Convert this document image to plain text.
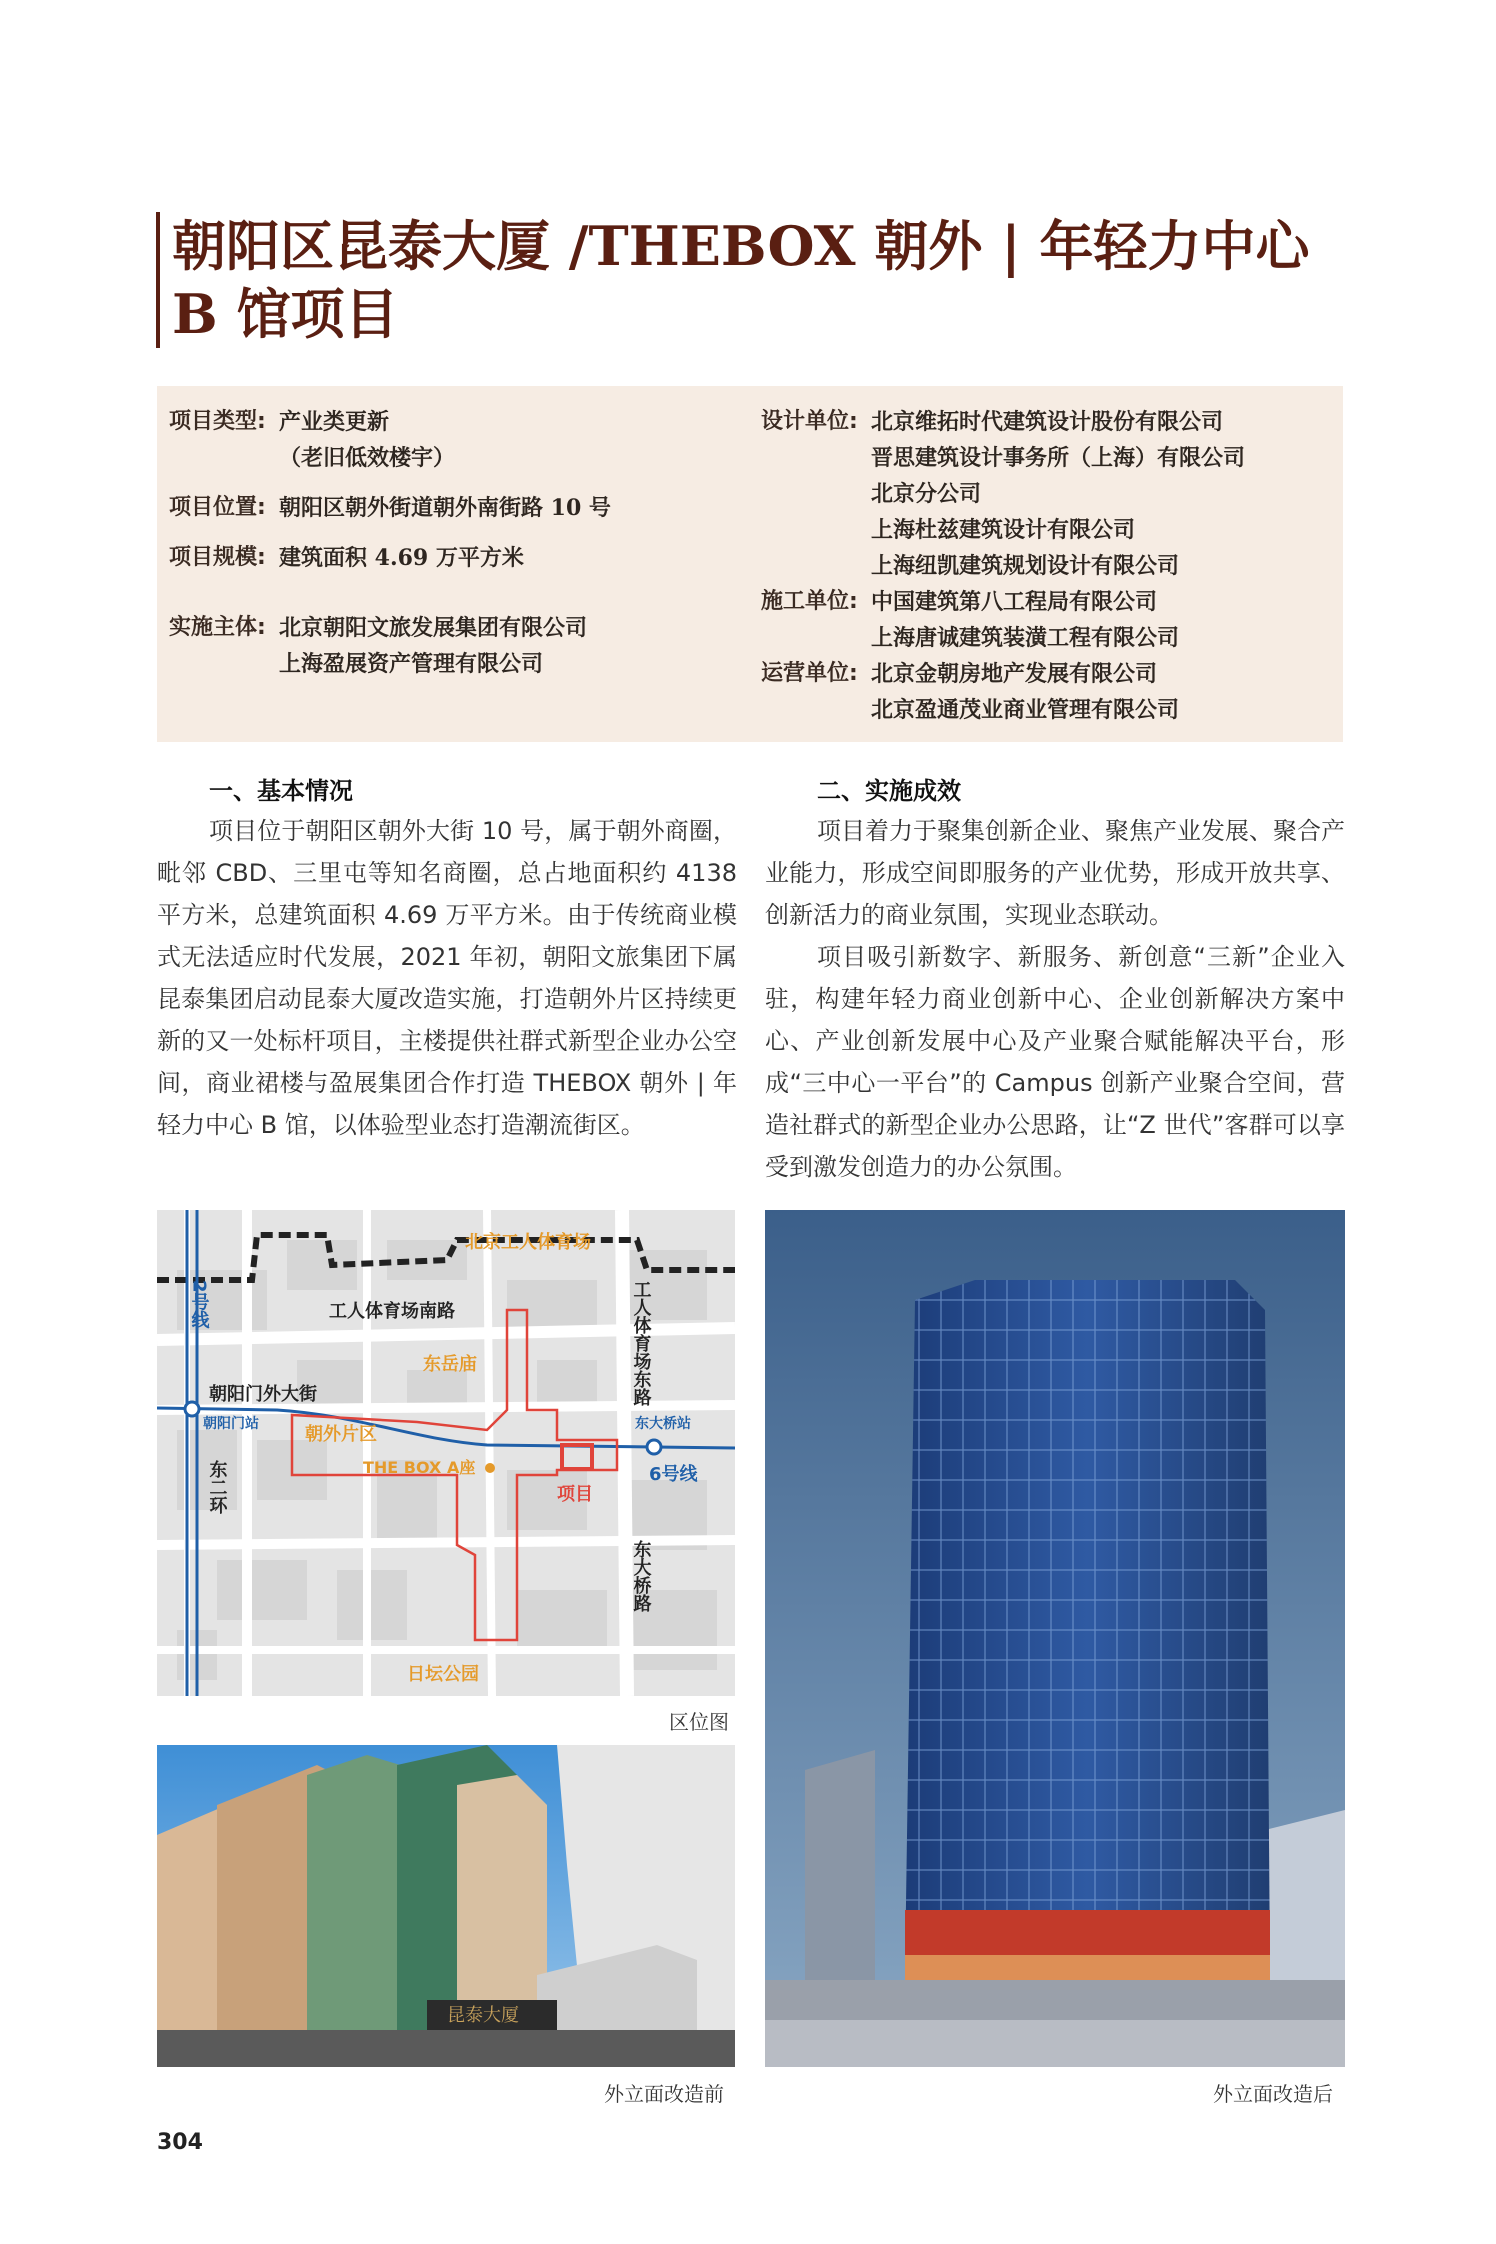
朝阳区昆泰大厦 /THEBOX 朝外 | 年轻力中心
B 馆项目
项目类型: 产业类更新
（老旧低效楼宇）
项目位置: 朝阳区朝外街道朝外南街路 10 号
项目规模: 建筑面积 4.69 万平方米
实施主体: 北京朝阳文旅发展集团有限公司
上海盈展资产管理有限公司
设计单位: 北京维拓时代建筑设计股份有限公司
晋思建筑设计事务所（上海）有限公司
北京分公司
上海杜兹建筑设计有限公司
上海纽凯建筑规划设计有限公司
施工单位: 中国建筑第八工程局有限公司
上海唐诚建筑装潢工程有限公司
运营单位: 北京金朝房地产发展有限公司
北京盈通茂业商业管理有限公司
一、基本情况

项目位于朝阳区朝外大街 10 号，属于朝外商圈，毗邻 CBD、三里屯等知名商圈，总占地面积约 4138 平方米，总建筑面积 4.69 万平方米。由于传统商业模式无法适应时代发展，2021 年初，朝阳文旅集团下属昆泰集团启动昆泰大厦改造实施，打造朝外片区持续更新的又一处标杆项目，主楼提供社群式新型企业办公空间，商业裙楼与盈展集团合作打造 THEBOX 朝外 | 年轻力中心 B 馆，以体验型业态打造潮流街区。

二、实施成效

项目着力于聚集创新企业、聚焦产业发展、聚合产业能力，形成空间即服务的产业优势，形成开放共享、创新活力的商业氛围，实现业态联动。

项目吸引新数字、新服务、新创意“三新”企业入驻，构建年轻力商业创新中心、企业创新解决方案中心、产业创新发展中心及产业聚合赋能解决平台，形成“三中心一平台”的 Campus 创新产业聚合空间，营造社群式的新型企业办公思路，让“Z 世代”客群可以享受到激发创造力的办公氛围。

北京工人体育场
工人体育场南路
东岳庙
朝阳门外大街
朝阳门站	朝外片区
THE BOX A座
项目
东大桥站
6号线
日坛公园
2号线	工人体育场东路
东二环
东大桥路
区位图
昆泰大厦
外立面改造前	外立面改造后
304
